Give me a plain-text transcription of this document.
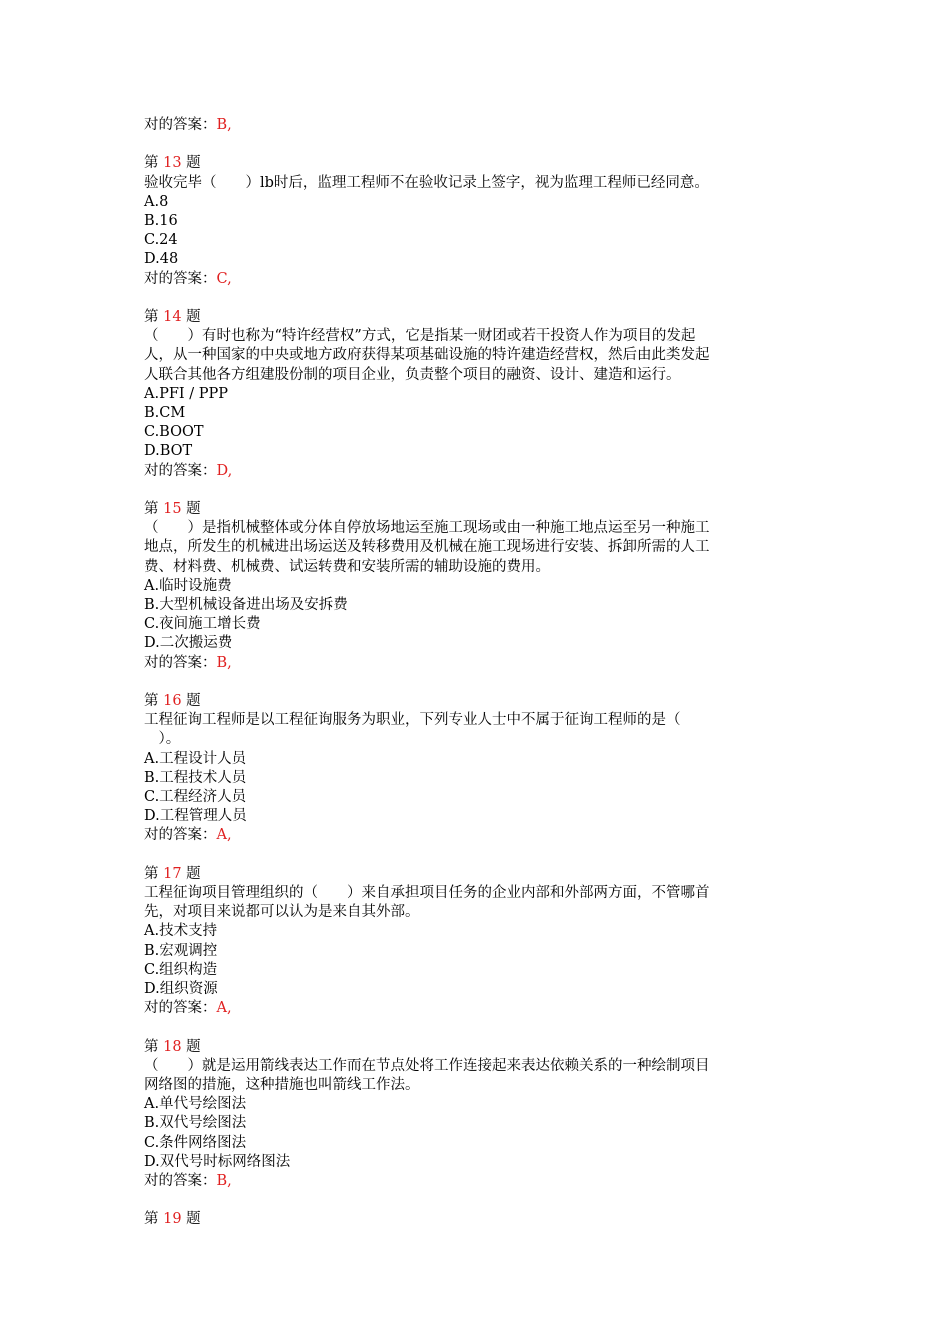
对的答案：B,
第 13 题
验收完毕（　　）lb时后，监理工程师不在验收记录上签字，视为监理工程师已经同意。
A.8
B.16
C.24
D.48
对的答案：C,
第 14 题
（　　）有时也称为“特许经营权”方式，它是指某一财团或若干投资人作为项目的发起
人，从一种国家的中央或地方政府获得某项基础设施的特许建造经营权，然后由此类发起
人联合其他各方组建股份制的项目企业，负责整个项目的融资、设计、建造和运行。
A.PFI / PPP
B.CM
C.BOOT
D.BOT
对的答案：D,
第 15 题
（　　）是指机械整体或分体自停放场地运至施工现场或由一种施工地点运至另一种施工
地点，所发生的机械进出场运送及转移费用及机械在施工现场进行安装、拆卸所需的人工
费、材料费、机械费、试运转费和安装所需的辅助设施的费用。
A.临时设施费
B.大型机械设备进出场及安拆费
C.夜间施工增长费
D.二次搬运费
对的答案：B,
第 16 题
工程征询工程师是以工程征询服务为职业，下列专业人士中不属于征询工程师的是（
　）。
A.工程设计人员
B.工程技术人员
C.工程经济人员
D.工程管理人员
对的答案：A,
第 17 题
工程征询项目管理组织的（　　）来自承担项目任务的企业内部和外部两方面，不管哪首
先，对项目来说都可以认为是来自其外部。
A.技术支持
B.宏观调控
C.组织构造
D.组织资源
对的答案：A,
第 18 题
（　　）就是运用箭线表达工作而在节点处将工作连接起来表达依赖关系的一种绘制项目
网络图的措施，这种措施也叫箭线工作法。
A.单代号绘图法
B.双代号绘图法
C.条件网络图法
D.双代号时标网络图法
对的答案：B,
第 19 题
